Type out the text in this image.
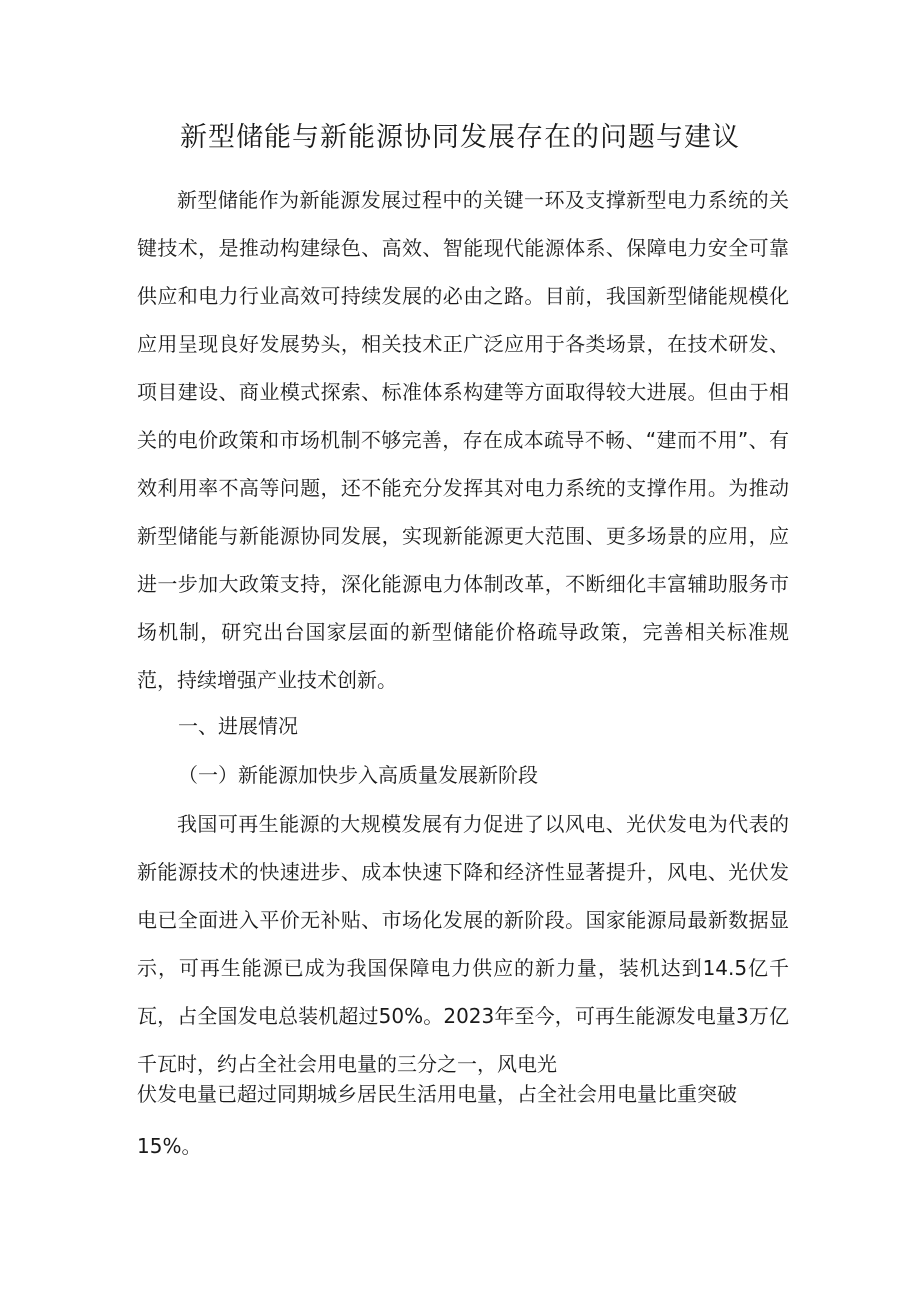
新型储能与新能源协同发展存在的问题与建议

新型储能作为新能源发展过程中的关键一环及支撑新型电力系统的关键技术，是推动构建绿色、高效、智能现代能源体系、保障电力安全可靠供应和电力行业高效可持续发展的必由之路。目前，我国新型储能规模化应用呈现良好发展势头，相关技术正广泛应用于各类场景，在技术研发、项目建设、商业模式探索、标准体系构建等方面取得较大进展。但由于相关的电价政策和市场机制不够完善，存在成本疏导不畅、“建而不用”、有效利用率不高等问题，还不能充分发挥其对电力系统的支撑作用。为推动新型储能与新能源协同发展，实现新能源更大范围、更多场景的应用，应进一步加大政策支持，深化能源电力体制改革，不断细化丰富辅助服务市场机制，研究出台国家层面的新型储能价格疏导政策，完善相关标准规范，持续增强产业技术创新。

一、进展情况
（一）新能源加快步入高质量发展新阶段

我国可再生能源的大规模发展有力促进了以风电、光伏发电为代表的新能源技术的快速进步、成本快速下降和经济性显著提升，风电、光伏发电已全面进入平价无补贴、市场化发展的新阶段。国家能源局最新数据显示，可再生能源已成为我国保障电力供应的新力量，装机达到14.5亿千瓦，占全国发电总装机超过50%。2023年至今，可再生能源发电量3万亿千瓦时，约占全社会用电量的三分之一，风电光

伏发电量已超过同期城乡居民生活用电量，占全社会用电量比重突破
15%。
